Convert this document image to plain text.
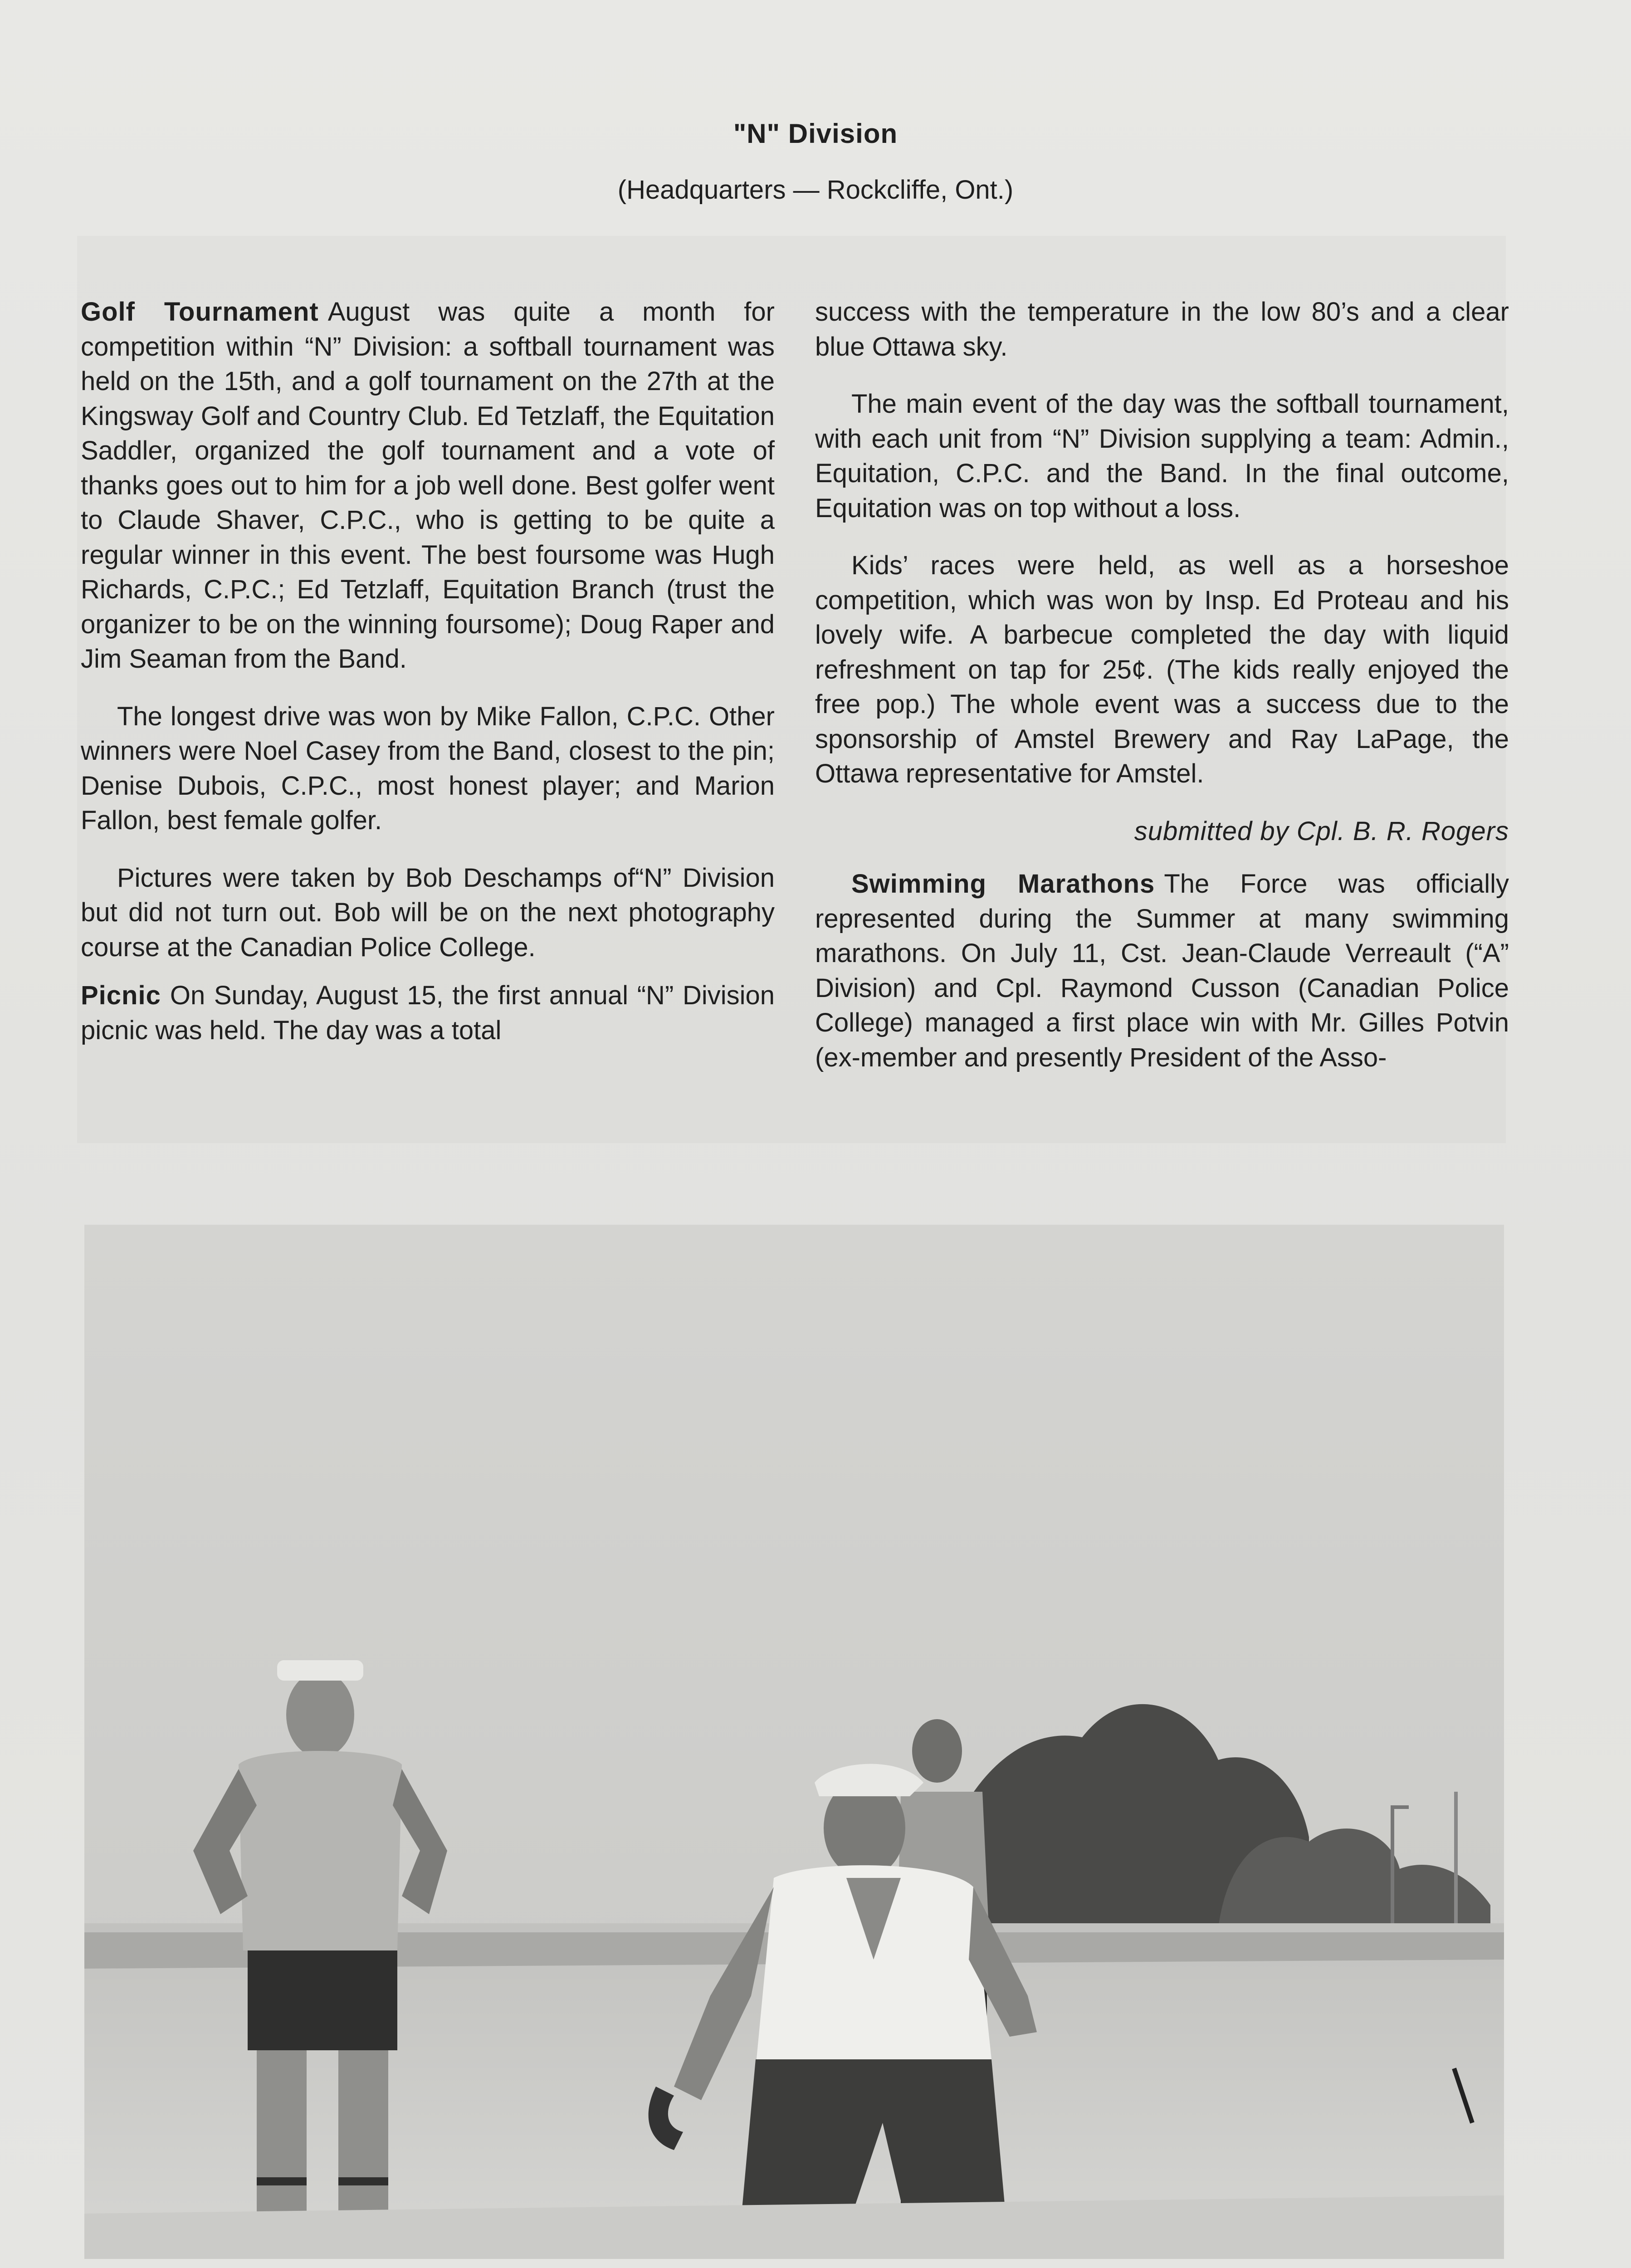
"N" Division
(Headquarters — Rockcliffe, Ont.)

Golf Tournament August was quite a month for competition within “N” Division: a softball tournament was held on the 15th, and a golf tournament on the 27th at the Kingsway Golf and Country Club. Ed Tetzlaff, the Equitation Saddler, organized the golf tournament and a vote of thanks goes out to him for a job well done. Best golfer went to Claude Shaver, C.P.C., who is getting to be quite a regular winner in this event. The best foursome was Hugh Richards, C.P.C.; Ed Tetzlaff, Equitation Branch (trust the organizer to be on the winning foursome); Doug Raper and Jim Seaman from the Band.

The longest drive was won by Mike Fallon, C.P.C. Other winners were Noel Casey from the Band, closest to the pin; Denise Dubois, C.P.C., most honest player; and Marion Fallon, best female golfer.

Pictures were taken by Bob Deschamps of“N” Division but did not turn out. Bob will be on the next photography course at the Canadian Police College.

Picnic On Sunday, August 15, the first annual “N” Division picnic was held. The day was a total

success with the temperature in the low 80’s and a clear blue Ottawa sky.

The main event of the day was the softball tournament, with each unit from “N” Division supplying a team: Admin., Equitation, C.P.C. and the Band. In the final outcome, Equitation was on top without a loss.

Kids’ races were held, as well as a horseshoe competition, which was won by Insp. Ed Proteau and his lovely wife. A barbecue completed the day with liquid refreshment on tap for 25¢. (The kids really enjoyed the free pop.) The whole event was a success due to the sponsorship of Amstel Brewery and Ray LaPage, the Ottawa representative for Amstel.

submitted by Cpl. B. R. Rogers

Swimming Marathons The Force was officially represented during the Summer at many swimming marathons. On July 11, Cst. Jean-Claude Verreault (“A” Division) and Cpl. Raymond Cusson (Canadian Police College) managed a first place win with Mr. Gilles Potvin (ex-member and presently President of the Asso-
